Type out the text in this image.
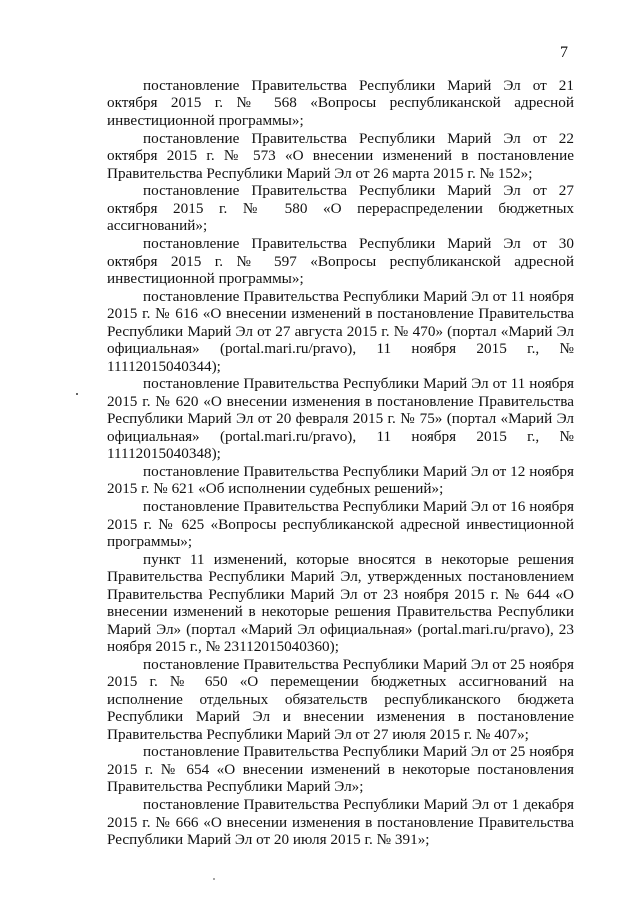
7

постановление Правительства Республики Марий Эл от 21 октября 2015 г. № 568 «Вопросы республиканской адресной инвестиционной программы»;

постановление Правительства Республики Марий Эл от 22 октября 2015 г. № 573 «О внесении изменений в постановление Правительства Республики Марий Эл от 26 марта 2015 г. № 152»;

постановление Правительства Республики Марий Эл от 27 октября 2015 г. № 580 «О перераспределении бюджетных ассигнований»;

постановление Правительства Республики Марий Эл от 30 октября 2015 г. № 597 «Вопросы республиканской адресной инвестиционной программы»;

постановление Правительства Республики Марий Эл от 11 ноября 2015 г. № 616 «О внесении изменений в постановление Правительства Республики Марий Эл от 27 августа 2015 г. № 470» (портал «Марий Эл официальная» (portal.mari.ru/pravo), 11 ноября 2015 г., № 11112015040344);

постановление Правительства Республики Марий Эл от 11 ноября 2015 г. № 620 «О внесении изменения в постановление Правительства Республики Марий Эл от 20 февраля 2015 г. № 75» (портал «Марий Эл официальная» (portal.mari.ru/pravo), 11 ноября 2015 г., № 11112015040348);

постановление Правительства Республики Марий Эл от 12 ноября 2015 г. № 621 «Об исполнении судебных решений»;

постановление Правительства Республики Марий Эл от 16 ноября 2015 г. № 625 «Вопросы республиканской адресной инвестиционной программы»;

пункт 11 изменений, которые вносятся в некоторые решения Правительства Республики Марий Эл, утвержденных постановлением Правительства Республики Марий Эл от 23 ноября 2015 г. № 644 «О внесении изменений в некоторые решения Правительства Республики Марий Эл» (портал «Марий Эл официальная» (portal.mari.ru/pravo), 23 ноября 2015 г., № 23112015040360);

постановление Правительства Республики Марий Эл от 25 ноября 2015 г. № 650 «О перемещении бюджетных ассигнований на исполнение отдельных обязательств республиканского бюджета Республики Марий Эл и внесении изменения в постановление Правительства Республики Марий Эл от 27 июля 2015 г. № 407»;

постановление Правительства Республики Марий Эл от 25 ноября 2015 г. № 654 «О внесении изменений в некоторые постановления Правительства Республики Марий Эл»;

постановление Правительства Республики Марий Эл от 1 декабря 2015 г. № 666 «О внесении изменения в постановление Правительства Республики Марий Эл от 20 июля 2015 г. № 391»;
